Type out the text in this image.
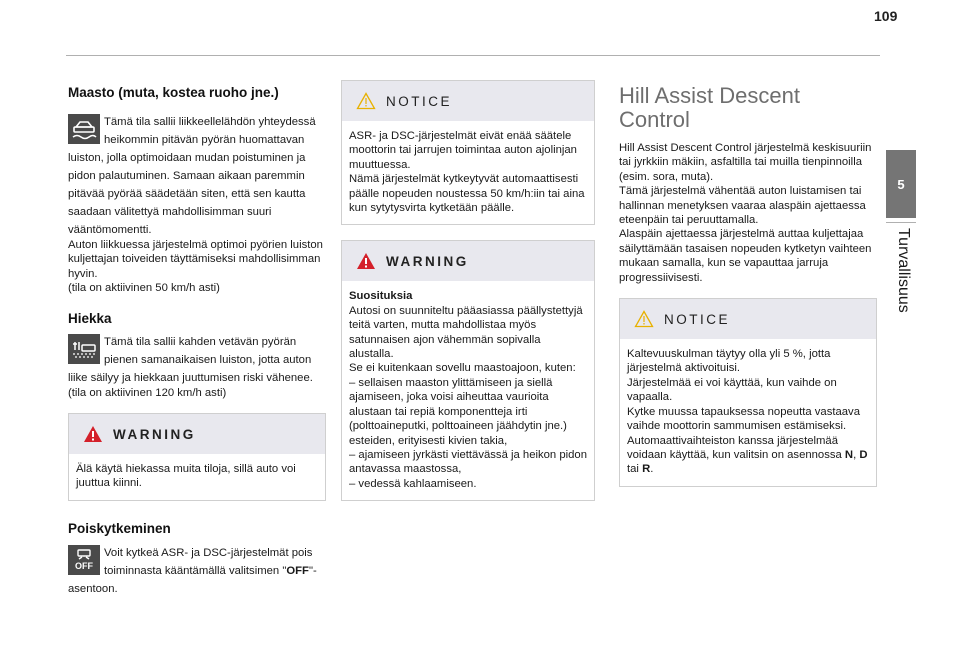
109
5
Turvallisuus
Maasto (muta, kostea ruoho jne.)
Tämä tila sallii liikkeellelähdön yhteydessä heikommin pitävän pyörän huomattavan luiston, jolla optimoidaan mudan poistuminen ja pidon palautuminen. Samaan aikaan paremmin pitävää pyörää säädetään siten, että sen kautta saadaan välitettyä mahdollisimman suuri vääntömomentti.
Auton liikkuessa järjestelmä optimoi pyörien luiston kuljettajan toiveiden täyttämiseksi mahdollisimman hyvin.
(tila on aktiivinen 50 km/h asti)
Hiekka
Tämä tila sallii kahden vetävän pyörän pienen samanaikaisen luiston, jotta auton liike säilyy ja hiekkaan juuttumisen riski vähenee.
(tila on aktiivinen 120 km/h asti)
WARNING
Älä käytä hiekassa muita tiloja, sillä auto voi juuttua kiinni.
Poiskytkeminen
OFF
Voit kytkeä ASR- ja DSC-järjestelmät pois toiminnasta kääntämällä valitsimen "OFF"-asentoon.
NOTICE
ASR- ja DSC-järjestelmät eivät enää säätele moottorin tai jarrujen toimintaa auton ajolinjan muuttuessa.
Nämä järjestelmät kytkeytyvät automaattisesti päälle nopeuden noustessa 50 km/h:iin tai aina kun sytytysvirta kytketään päälle.
WARNING
Suosituksia
Autosi on suunniteltu pääasiassa päällystettyjä teitä varten, mutta mahdollistaa myös satunnaisen ajon vähemmän sopivalla alustalla.
Se ei kuitenkaan sovellu maastoajoon, kuten:
– sellaisen maaston ylittämiseen ja siellä ajamiseen, joka voisi aiheuttaa vaurioita alustaan tai repiä komponentteja irti (polttoaineputki, polttoaineen jäähdytin jne.) esteiden, erityisesti kivien takia,
– ajamiseen jyrkästi viettävässä ja heikon pidon antavassa maastossa,
– vedessä kahlaamiseen.
Hill Assist Descent Control
Hill Assist Descent Control järjestelmä keskisuuriin tai jyrkkiin mäkiin, asfaltilla tai muilla tienpinnoilla (esim. sora, muta).
Tämä järjestelmä vähentää auton luistamisen tai hallinnan menetyksen vaaraa alaspäin ajettaessa eteenpäin tai peruuttamalla.
Alaspäin ajettaessa järjestelmä auttaa kuljettajaa säilyttämään tasaisen nopeuden kytketyn vaihteen mukaan samalla, kun se vapauttaa jarruja progressiivisesti.
NOTICE
Kaltevuuskulman täytyy olla yli 5 %, jotta järjestelmä aktivoituisi.
Järjestelmää ei voi käyttää, kun vaihde on vapaalla.
Kytke muussa tapauksessa nopeutta vastaava vaihde moottorin sammumisen estämiseksi.
Automaattivaihteiston kanssa järjestelmää voidaan käyttää, kun valitsin on asennossa N, D tai R.
